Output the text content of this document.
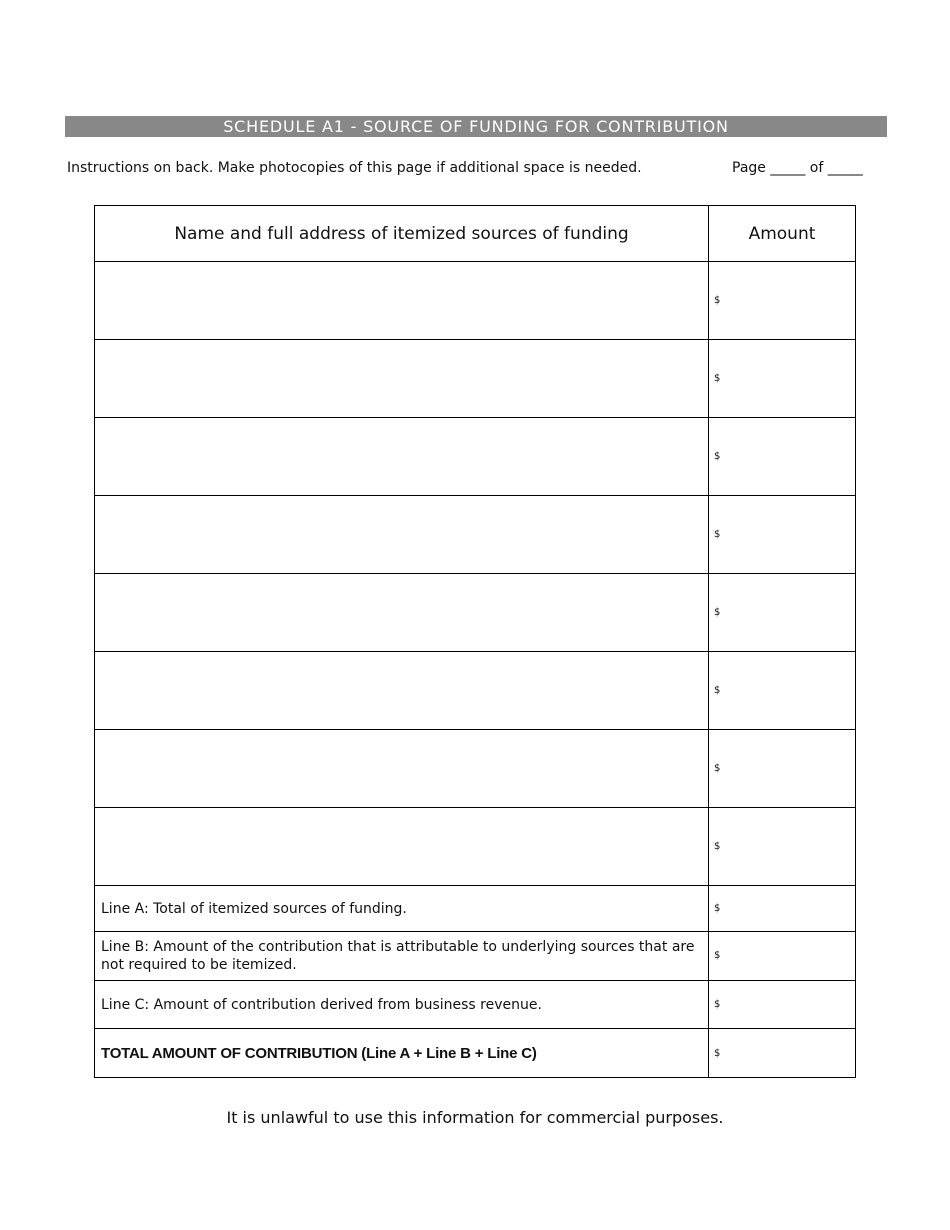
SCHEDULE A1 - SOURCE OF FUNDING FOR CONTRIBUTION
Instructions on back. Make photocopies of this page if additional space is needed.	Page _____ of _____
Name and full address of itemized sources of funding	Amount
	$
	$
	$
	$
	$
	$
	$
	$
Line A: Total of itemized sources of funding.	$
Line B: Amount of the contribution that is attributable to underlying sources that are not required to be itemized.	$
Line C: Amount of contribution derived from business revenue.	$
TOTAL AMOUNT OF CONTRIBUTION (Line A + Line B + Line C)	$
It is unlawful to use this information for commercial purposes.
